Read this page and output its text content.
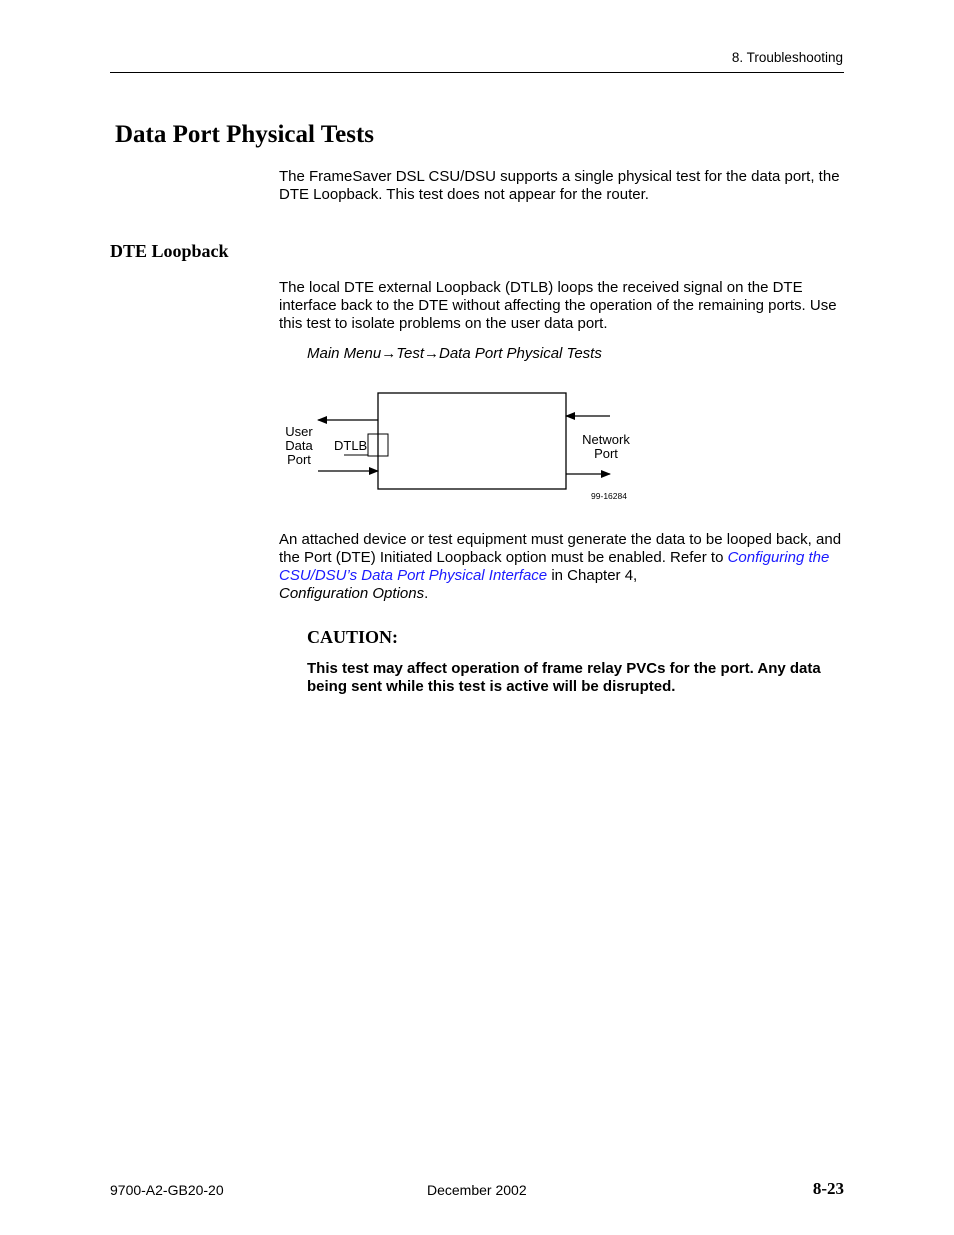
8. Troubleshooting
Data Port Physical Tests
The FrameSaver DSL CSU/DSU supports a single physical test for the data port, the DTE Loopback. This test does not appear for the router.
DTE Loopback
The local DTE external Loopback (DTLB) loops the received signal on the DTE interface back to the DTE without affecting the operation of the remaining ports. Use this test to isolate problems on the user data port.
Main Menu→Test→Data Port Physical Tests
User
Data
Port
DTLB	Network
Port
99-16284
An attached device or test equipment must generate the data to be looped back, and the Port (DTE) Initiated Loopback option must be enabled. Refer to Configuring the CSU/DSU’s Data Port Physical Interface in Chapter 4,
Configuration Options.
CAUTION:
This test may affect operation of frame relay PVCs for the port. Any data being sent while this test is active will be disrupted.
9700-A2-GB20-20	December 2002	8-23
